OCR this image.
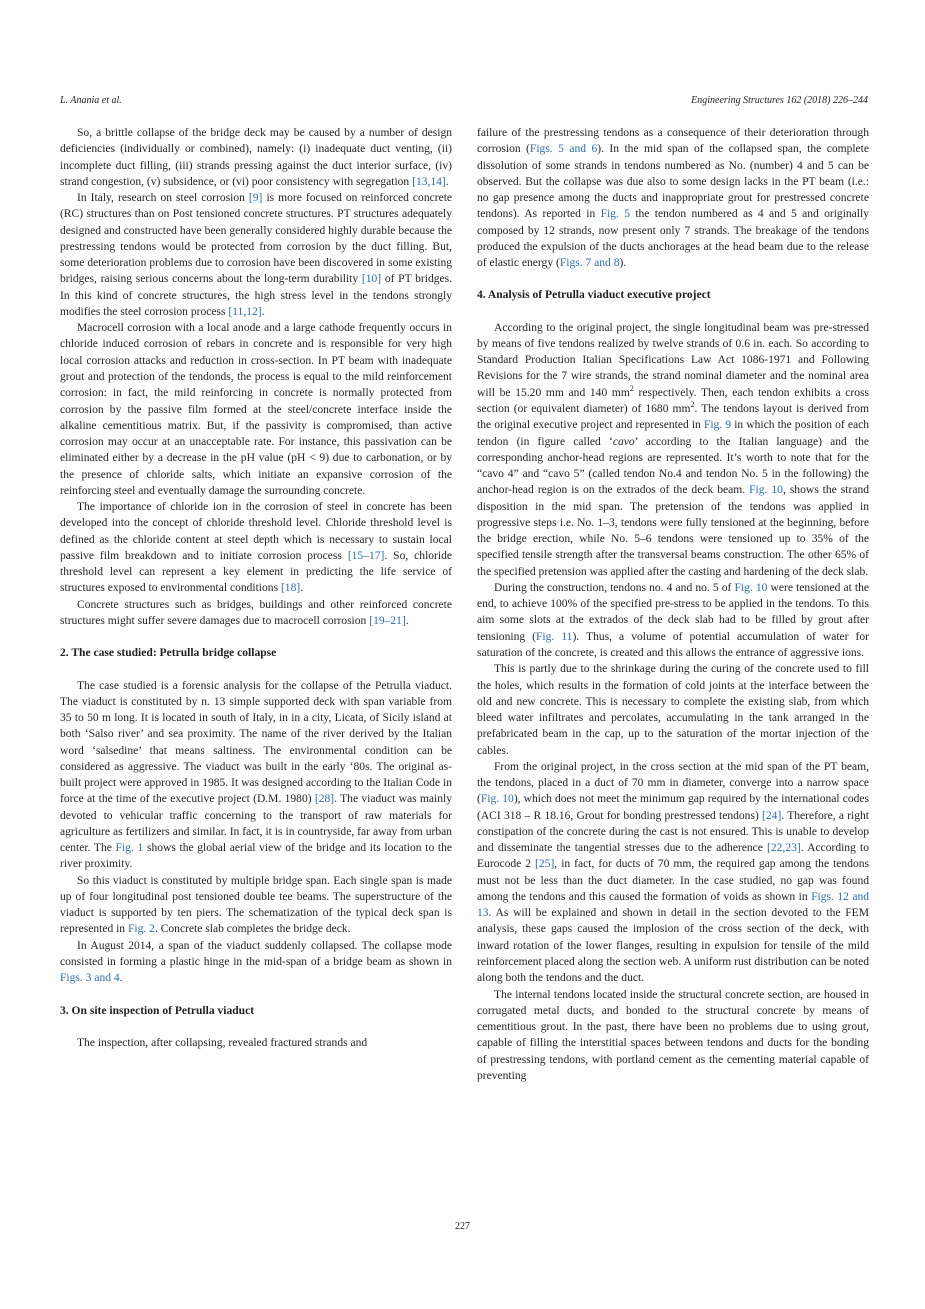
L. Anania et al.	Engineering Structures 162 (2018) 226–244

So, a brittle collapse of the bridge deck may be caused by a number of design deficiencies (individually or combined), namely: (i) inadequate duct venting, (ii) incomplete duct filling, (iii) strands pressing against the duct interior surface, (iv) strand congestion, (v) subsidence, or (vi) poor consistency with segregation [13,14].

In Italy, research on steel corrosion [9] is more focused on reinforced concrete (RC) structures than on Post tensioned concrete structures. PT structures adequately designed and constructed have been generally considered highly durable because the prestressing tendons would be protected from corrosion by the duct filling. But, some deterioration problems due to corrosion have been discovered in some existing bridges, raising serious concerns about the long-term durability [10] of PT bridges. In this kind of concrete structures, the high stress level in the tendons strongly modifies the steel corrosion process [11,12].

Macrocell corrosion with a local anode and a large cathode frequently occurs in chloride induced corrosion of rebars in concrete and is responsible for very high local corrosion attacks and reduction in cross-section. In PT beam with inadequate grout and protection of the tendonds, the process is equal to the mild reinforcement corrosion: in fact, the mild reinforcing in concrete is normally protected from corrosion by the passive film formed at the steel/concrete interface inside the alkaline cementitious matrix. But, if the passivity is compromised, than active corrosion may occur at an unacceptable rate. For instance, this passivation can be eliminated either by a decrease in the pH value (pH < 9) due to carbonation, or by the presence of chloride salts, which initiate an expansive corrosion of the reinforcing steel and eventually damage the surrounding concrete.

The importance of chloride ion in the corrosion of steel in concrete has been developed into the concept of chloride threshold level. Chloride threshold level is defined as the chloride content at steel depth which is necessary to sustain local passive film breakdown and to initiate corrosion process [15–17]. So, chloride threshold level can represent a key element in predicting the life service of structures exposed to environmental conditions [18].

Concrete structures such as bridges, buildings and other reinforced concrete structures might suffer severe damages due to macrocell corrosion [19–21].

2. The case studied: Petrulla bridge collapse

The case studied is a forensic analysis for the collapse of the Petrulla viaduct. The viaduct is constituted by n. 13 simple supported deck with span variable from 35 to 50 m long. It is located in south of Italy, in in a city, Licata, of Sicily island at both ‘Salso river’ and sea proximity. The name of the river derived by the Italian word ‘salsedine’ that means saltiness. The environmental condition can be considered as aggressive. The viaduct was built in the early ‘80s. The original as-built project were approved in 1985. It was designed according to the Italian Code in force at the time of the executive project (D.M. 1980) [28]. The viaduct was mainly devoted to vehicular traffic concerning to the transport of raw materials for agriculture as fertilizers and similar. In fact, it is in countryside, far away from urban center. The Fig. 1 shows the global aerial view of the bridge and its location to the river proximity.

So this viaduct is constituted by multiple bridge span. Each single span is made up of four longitudinal post tensioned double tee beams. The superstructure of the viaduct is supported by ten piers. The schematization of the typical deck span is represented in Fig. 2. Concrete slab completes the bridge deck.

In August 2014, a span of the viaduct suddenly collapsed. The collapse mode consisted in forming a plastic hinge in the mid-span of a bridge beam as shown in Figs. 3 and 4.

3. On site inspection of Petrulla viaduct

The inspection, after collapsing, revealed fractured strands and

failure of the prestressing tendons as a consequence of their deterioration through corrosion (Figs. 5 and 6). In the mid span of the collapsed span, the complete dissolution of some strands in tendons numbered as No. (number) 4 and 5 can be observed. But the collapse was due also to some design lacks in the PT beam (i.e.: no gap presence among the ducts and inappropriate grout for prestressed concrete tendons). As reported in Fig. 5 the tendon numbered as 4 and 5 and originally composed by 12 strands, now present only 7 strands. The breakage of the tendons produced the expulsion of the ducts anchorages at the head beam due to the release of elastic energy (Figs. 7 and 8).

4. Analysis of Petrulla viaduct executive project

According to the original project, the single longitudinal beam was pre-stressed by means of five tendons realized by twelve strands of 0.6 in. each. So according to Standard Production Italian Specifications Law Act 1086-1971 and Following Revisions for the 7 wire strands, the strand nominal diameter and the nominal area will be 15.20 mm and 140 $mm^2$ respectively. Then, each tendon exhibits a cross section (or equivalent diameter) of 1680 $mm^2$. The tendons layout is derived from the original executive project and represented in Fig. 9 in which the position of each tendon (in figure called ‘cavo’ according to the Italian language) and the corresponding anchor-head regions are represented. It’s worth to note that for the “cavo 4” and “cavo 5” (called tendon No.4 and tendon No. 5 in the following) the anchor-head region is on the extrados of the deck beam. Fig. 10, shows the strand disposition in the mid span. The pretension of the tendons was applied in progressive steps i.e. No. 1–3, tendons were fully tensioned at the beginning, before the bridge erection, while No. 5–6 tendons were tensioned up to 35% of the specified tensile strength after the transversal beams construction. The other 65% of the specified pretension was applied after the casting and hardening of the deck slab.

During the construction, tendons no. 4 and no. 5 of Fig. 10 were tensioned at the end, to achieve 100% of the specified pre-stress to be applied in the tendons. To this aim some slots at the extrados of the deck slab had to be filled by grout after tensioning (Fig. 11). Thus, a volume of potential accumulation of water for saturation of the concrete, is created and this allows the entrance of aggressive ions.

This is partly due to the shrinkage during the curing of the concrete used to fill the holes, which results in the formation of cold joints at the interface between the old and new concrete. This is necessary to complete the existing slab, from which bleed water infiltrates and percolates, accumulating in the tank arranged in the prefabricated beam in the cap, up to the saturation of the mortar injection of the cables.

From the original project, in the cross section at the mid span of the PT beam, the tendons, placed in a duct of 70 mm in diameter, converge into a narrow space (Fig. 10), which does not meet the minimum gap required by the international codes (ACI 318 – R 18.16, Grout for bonding prestressed tendons) [24]. Therefore, a right constipation of the concrete during the cast is not ensured. This is unable to develop and disseminate the tangential stresses due to the adherence [22,23]. According to Eurocode 2 [25], in fact, for ducts of 70 mm, the required gap among the tendons must not be less than the duct diameter. In the case studied, no gap was found among the tendons and this caused the formation of voids as shown in Figs. 12 and 13. As will be explained and shown in detail in the section devoted to the FEM analysis, these gaps caused the implosion of the cross section of the deck, with inward rotation of the lower flanges, resulting in expulsion for tensile of the mild reinforcement placed along the section web. A uniform rust distribution can be noted along both the tendons and the duct.

The internal tendons located inside the structural concrete section, are housed in corrugated metal ducts, and bonded to the structural concrete by means of cementitious grout. In the past, there have been no problems due to using grout, capable of filling the interstitial spaces between tendons and ducts for the bonding of prestressing tendons, with portland cement as the cementing material capable of preventing

227
